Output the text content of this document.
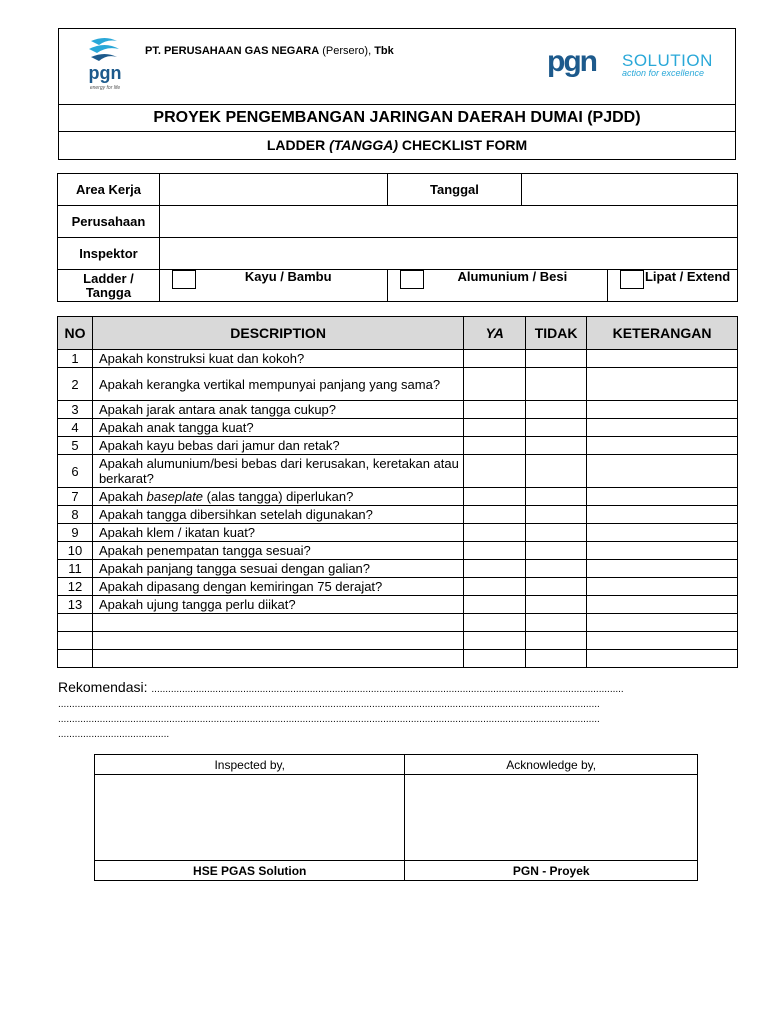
pgn
energy for life
PT. PERUSAHAAN GAS NEGARA (Persero), Tbk	pgn SOLUTION
action for excellence
PROYEK PENGEMBANGAN JARINGAN DAERAH DUMAI (PJDD)
LADDER (TANGGA) CHECKLIST FORM
Area Kerja		Tanggal		
Perusahaan				
Inspektor				
Ladder /
Tangga	Kayu / Bambu	Alumunium / Besi		Lipat / Extend
NO	DESCRIPTION	YA	TIDAK	KETERANGAN
1	Apakah konstruksi kuat dan kokoh?			
2	Apakah kerangka vertikal mempunyai panjang yang sama?			
3	Apakah jarak antara anak tangga cukup?			
4	Apakah anak tangga kuat?			
5	Apakah kayu bebas dari jamur dan retak?			
6	Apakah alumunium/besi bebas dari kerusakan, keretakan atau berkarat?			
7	Apakah baseplate (alas tangga) diperlukan?			
8	Apakah tangga dibersihkan setelah digunakan?			
9	Apakah klem / ikatan kuat?			
10	Apakah penempatan tangga sesuai?			
11	Apakah panjang tangga sesuai dengan galian?			
12	Apakah dipasang dengan kemiringan 75 derajat?			
13	Apakah ujung tangga perlu diikat?			

Rekomendasi: ..........................................................................................................................................................................
...................................................................................................................................................................................................
...................................................................................................................................................................................................
........................................
Inspected by,	Acknowledge by,

HSE PGAS Solution	PGN - Proyek
